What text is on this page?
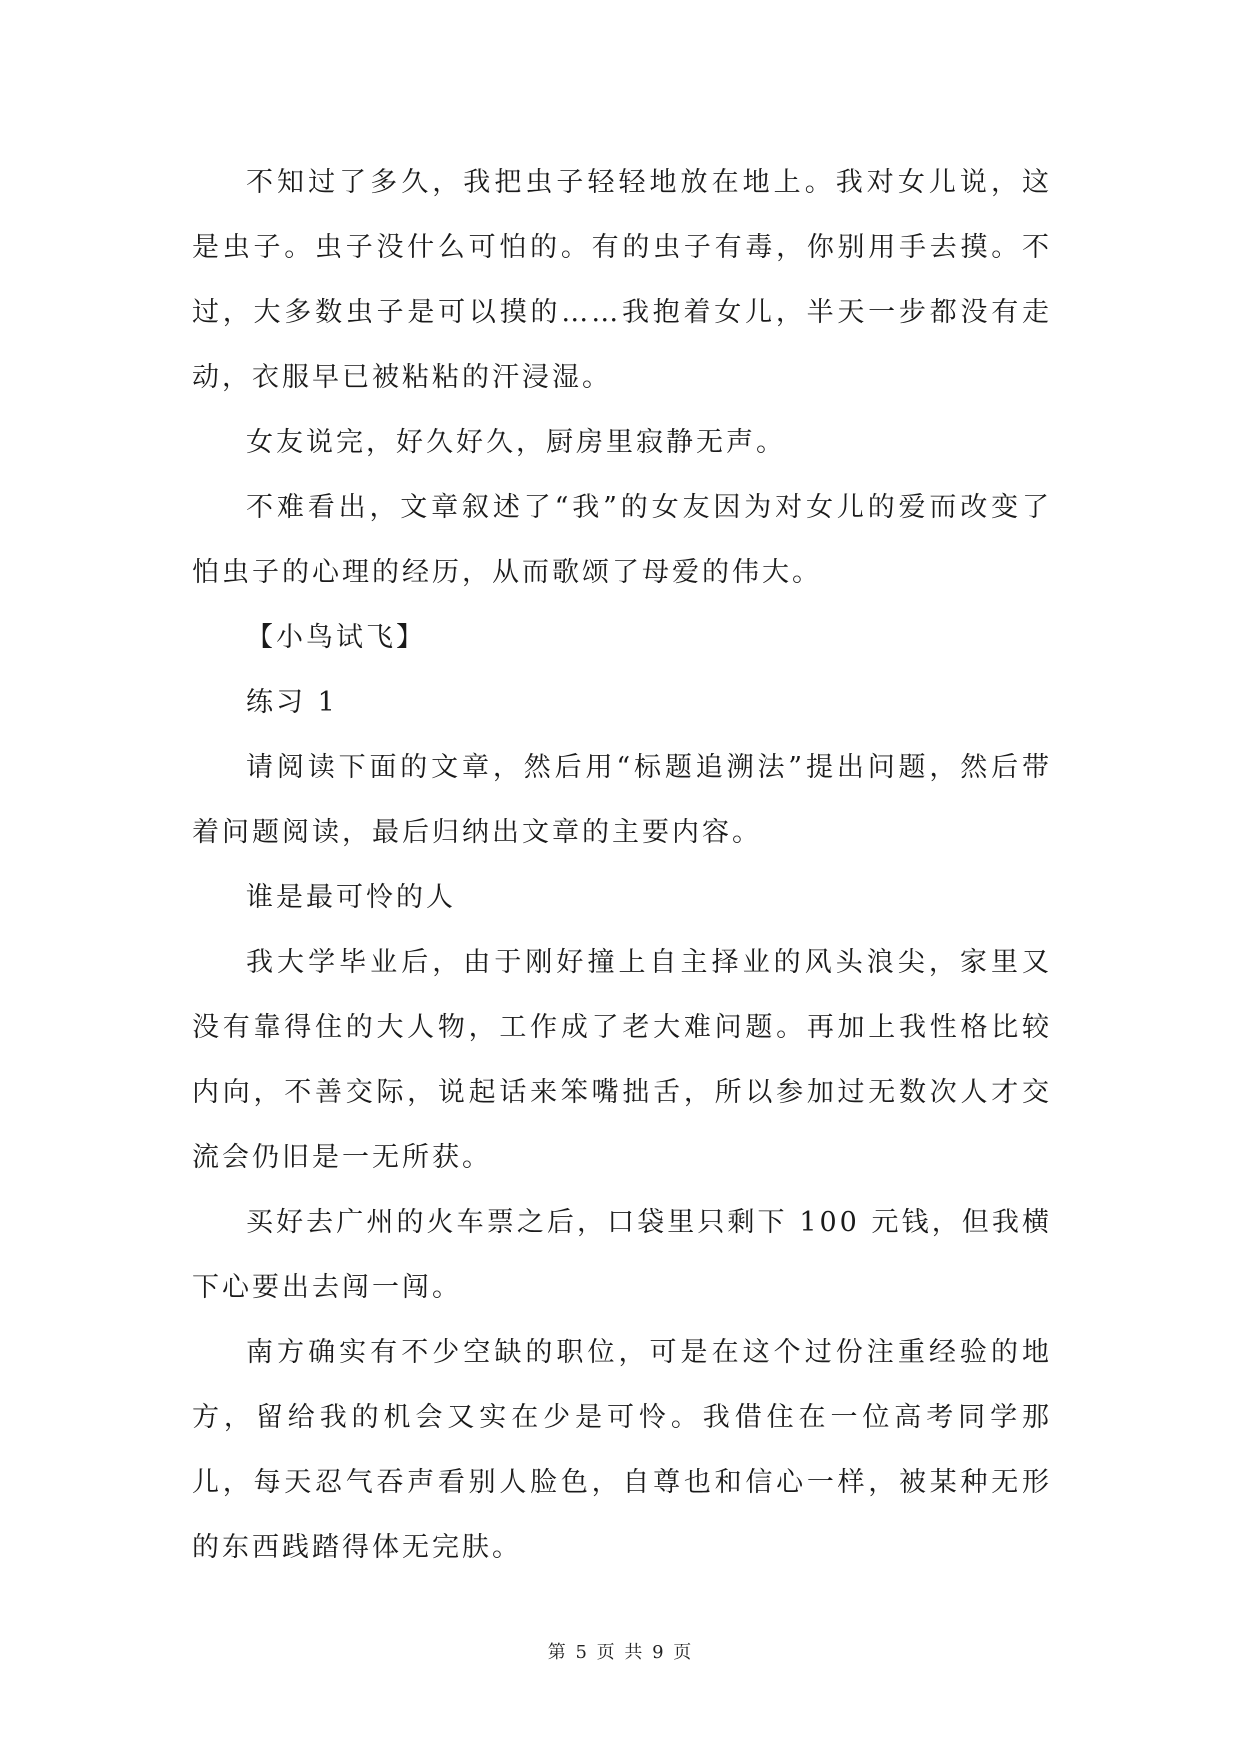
不知过了多久，我把虫子轻轻地放在地上。我对女儿说，这是虫子。虫子没什么可怕的。有的虫子有毒，你别用手去摸。不过，大多数虫子是可以摸的……我抱着女儿，半天一步都没有走动，衣服早已被粘粘的汗浸湿。

女友说完，好久好久，厨房里寂静无声。

不难看出，文章叙述了“我”的女友因为对女儿的爱而改变了怕虫子的心理的经历，从而歌颂了母爱的伟大。

【小鸟试飞】

练习 1

请阅读下面的文章，然后用“标题追溯法”提出问题，然后带着问题阅读，最后归纳出文章的主要内容。

谁是最可怜的人

我大学毕业后，由于刚好撞上自主择业的风头浪尖，家里又没有靠得住的大人物，工作成了老大难问题。再加上我性格比较内向，不善交际，说起话来笨嘴拙舌，所以参加过无数次人才交流会仍旧是一无所获。

买好去广州的火车票之后，口袋里只剩下 100 元钱，但我横下心要出去闯一闯。

南方确实有不少空缺的职位，可是在这个过份注重经验的地方，留给我的机会又实在少是可怜。我借住在一位高考同学那儿，每天忍气吞声看别人脸色，自尊也和信心一样，被某种无形的东西践踏得体无完肤。

第 5 页 共 9 页
